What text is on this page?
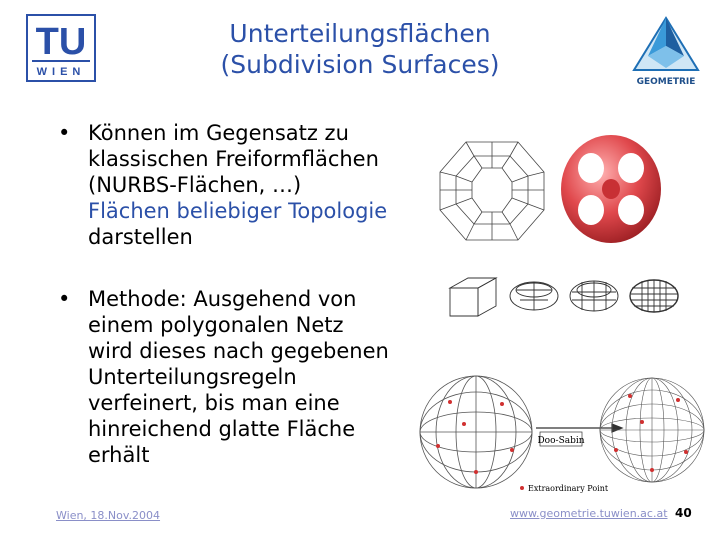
TU
WIEN
Unterteilungsflächen
(Subdivision Surfaces)
GEOMETRIE
• Können im Gegensatz zu
klassischen Freiformflächen
(NURBS-Flächen, …)
Flächen beliebiger Topologie
darstellen
• Methode: Ausgehend von
einem polygonalen Netz
wird dieses nach gegebenen
Unterteilungsregeln
verfeinert, bis man eine
hinreichend glatte Fläche
erhält
Doo-Sabin
Extraordinary Point
Wien, 18.Nov.2004	www.geometrie.tuwien.ac.at 40
